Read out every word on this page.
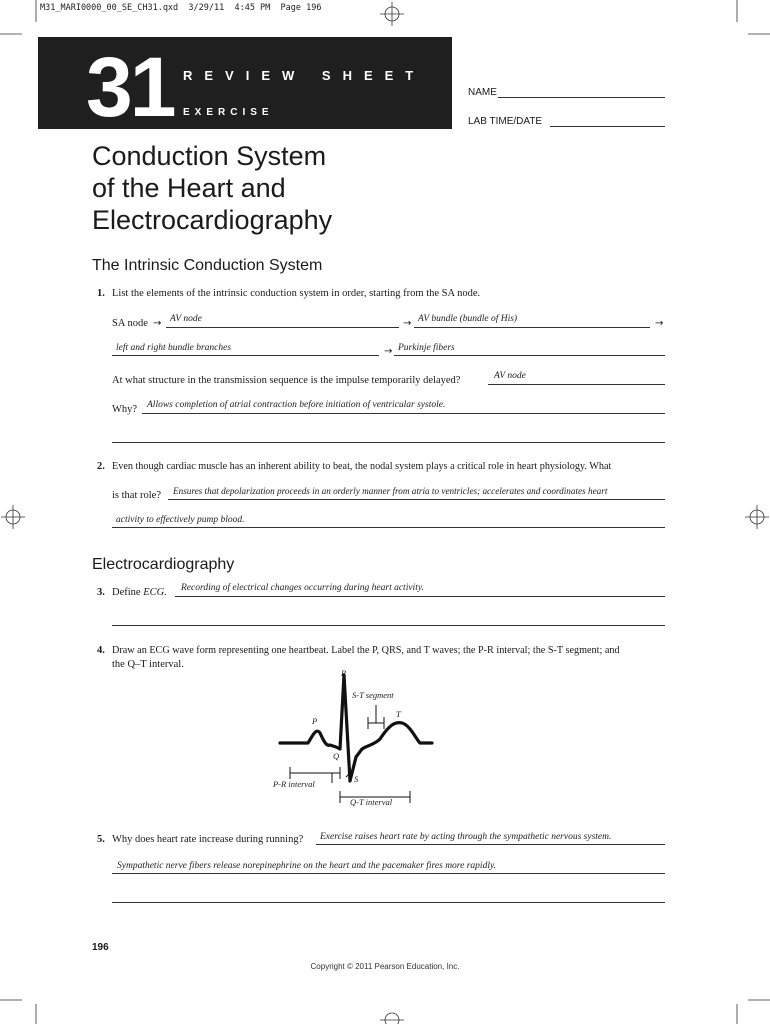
M31_MARI0000_00_SE_CH31.qxd  3/29/11  4:45 PM  Page 196
31 REVIEW SHEET
EXERCISE
NAME
LAB TIME/DATE
Conduction System
of the Heart and
Electrocardiography
The Intrinsic Conduction System
1. List the elements of the intrinsic conduction system in order, starting from the SA node.
SA node → AV node	→ AV bundle (bundle of His)	→
left and right bundle branches	→ Purkinje fibers
At what structure in the transmission sequence is the impulse temporarily delayed?	AV node
Why? Allows completion of atrial contraction before initiation of ventricular systole.
2. Even though cardiac muscle has an inherent ability to beat, the nodal system plays a critical role in heart physiology. What
is that role? Ensures that depolarization proceeds in an orderly manner from atria to ventricles; accelerates and coordinates heart
activity to effectively pump blood.
Electrocardiography
3. Define ECG. Recording of electrical changes occurring during heart activity.
4. Draw an ECG wave form representing one heartbeat. Label the P, QRS, and T waves; the P-R interval; the S-T segment; and
the Q–T interval.
R
S-T segment
T
P
Q
S
P-R interval
Q-T interval
5. Why does heart rate increase during running? Exercise raises heart rate by acting through the sympathetic nervous system.
Sympathetic nerve fibers release norepinephrine on the heart and the pacemaker fires more rapidly.
196
Copyright © 2011 Pearson Education, Inc.
